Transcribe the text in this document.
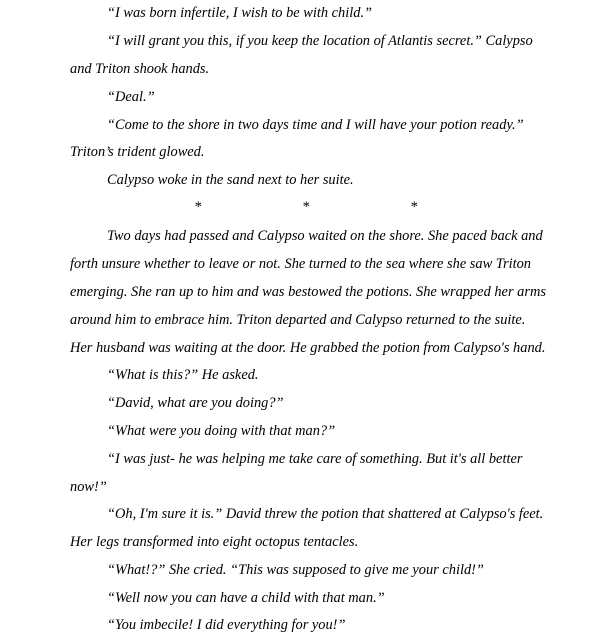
“I was born infertile, I wish to be with child.”
“I will grant you this, if you keep the location of Atlantis secret.” Calypso
and Triton shook hands.
“Deal.”
“Come to the shore in two days time and I will have your potion ready.”
Triton’s trident glowed.
Calypso woke in the sand next to her suite.
*	*	*
Two days had passed and Calypso waited on the shore. She paced back and
forth unsure whether to leave or not. She turned to the sea where she saw Triton
emerging. She ran up to him and was bestowed the potions. She wrapped her arms
around him to embrace him. Triton departed and Calypso returned to the suite.
Her husband was waiting at the door. He grabbed the potion from Calypso's hand.
“What is this?” He asked.
“David, what are you doing?”
“What were you doing with that man?”
“I was just- he was helping me take care of something. But it's all better
now!”
“Oh, I'm sure it is.” David threw the potion that shattered at Calypso's feet.
Her legs transformed into eight octopus tentacles.
“What!?” She cried. “This was supposed to give me your child!”
“Well now you can have a child with that man.”
“You imbecile! I did everything for you!”
